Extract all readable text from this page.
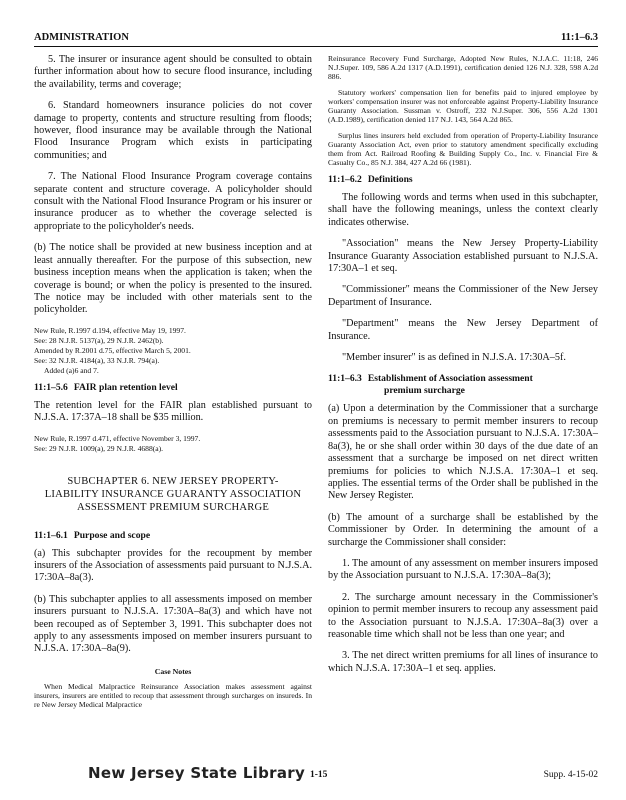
ADMINISTRATION	11:1–6.3

5. The insurer or insurance agent should be consulted to obtain further information about how to secure flood insurance, including the availability, terms and coverage;

6. Standard homeowners insurance policies do not cover damage to property, contents and structure resulting from floods; however, flood insurance may be available through the National Flood Insurance Program which exists in participating communities; and

7. The National Flood Insurance Program coverage contains separate content and structure coverage. A policyholder should consult with the National Flood Insurance Program or his insurer or insurance producer as to whether the coverage selected is appropriate to the policyholder's needs.

(b) The notice shall be provided at new business inception and at least annually thereafter. For the purpose of this subsection, new business inception means when the application is taken; when the coverage is bound; or when the policy is presented to the insured. The notice may be included with other materials sent to the policyholder.

New Rule, R.1997 d.194, effective May 19, 1997.

See: 28 N.J.R. 5137(a), 29 N.J.R. 2462(b).

Amended by R.2001 d.75, effective March 5, 2001.

See: 32 N.J.R. 4184(a), 33 N.J.R. 794(a).

Added (a)6 and 7.

11:1–5.6 FAIR plan retention level

The retention level for the FAIR plan established pursuant to N.J.S.A. 17:37A–18 shall be $35 million.

New Rule, R.1997 d.471, effective November 3, 1997.

See: 29 N.J.R. 1009(a), 29 N.J.R. 4688(a).

SUBCHAPTER 6. NEW JERSEY PROPERTY-LIABILITY INSURANCE GUARANTY ASSOCIATION ASSESSMENT PREMIUM SURCHARGE

11:1–6.1 Purpose and scope

(a) This subchapter provides for the recoupment by member insurers of the Association of assessments paid pursuant to N.J.S.A. 17:30A–8a(3).

(b) This subchapter applies to all assessments imposed on member insurers pursuant to N.J.S.A. 17:30A–8a(3) and which have not been recouped as of September 3, 1991. This subchapter does not apply to any assessments imposed on member insurers pursuant to N.J.S.A. 17:30A–8a(9).

Case Notes

When Medical Malpractice Reinsurance Association makes assessment against insurers, insurers are entitled to recoup that assessment through surcharges on insureds. In re New Jersey Medical Malpractice

Reinsurance Recovery Fund Surcharge, Adopted New Rules, N.J.A.C. 11:18, 246 N.J.Super. 109, 586 A.2d 1317 (A.D.1991), certification denied 126 N.J. 328, 598 A.2d 886.

Statutory workers' compensation lien for benefits paid to injured employee by workers' compensation insurer was not enforceable against Property-Liability Insurance Guaranty Association. Sussman v. Ostroff, 232 N.J.Super. 306, 556 A.2d 1301 (A.D.1989), certification denied 117 N.J. 143, 564 A.2d 865.

Surplus lines insurers held excluded from operation of Property-Liability Insurance Guaranty Association Act, even prior to statutory amendment specifically excluding them from Act. Railroad Roofing & Building Supply Co., Inc. v. Financial Fire & Casualty Co., 85 N.J. 384, 427 A.2d 66 (1981).

11:1–6.2 Definitions

The following words and terms when used in this subchapter, shall have the following meanings, unless the context clearly indicates otherwise.

"Association" means the New Jersey Property-Liability Insurance Guaranty Association established pursuant to N.J.S.A. 17:30A–1 et seq.

"Commissioner" means the Commissioner of the New Jersey Department of Insurance.

"Department" means the New Jersey Department of Insurance.

"Member insurer" is as defined in N.J.S.A. 17:30A–5f.

11:1–6.3 Establishment of Association assessment
premium surcharge

(a) Upon a determination by the Commissioner that a surcharge on premiums is necessary to permit member insurers to recoup assessments paid to the Association pursuant to N.J.S.A. 17:30A–8a(3), he or she shall order within 30 days of the due date of an assessment that a surcharge be imposed on net direct written premiums for policies to which N.J.S.A. 17:30A–1 et seq. applies. The essential terms of the Order shall be published in the New Jersey Register.

(b) The amount of a surcharge shall be established by the Commissioner by Order. In determining the amount of a surcharge the Commissioner shall consider:

1. The amount of any assessment on member insurers imposed by the Association pursuant to N.J.S.A. 17:30A–8a(3);

2. The surcharge amount necessary in the Commissioner's opinion to permit member insurers to recoup any assessment paid to the Association pursuant to N.J.S.A. 17:30A–8a(3) over a reasonable time which shall not be less than one year; and

3. The net direct written premiums for all lines of insurance to which N.J.S.A. 17:30A–1 et seq. applies.

New Jersey State Library 1-15	Supp. 4-15-02
